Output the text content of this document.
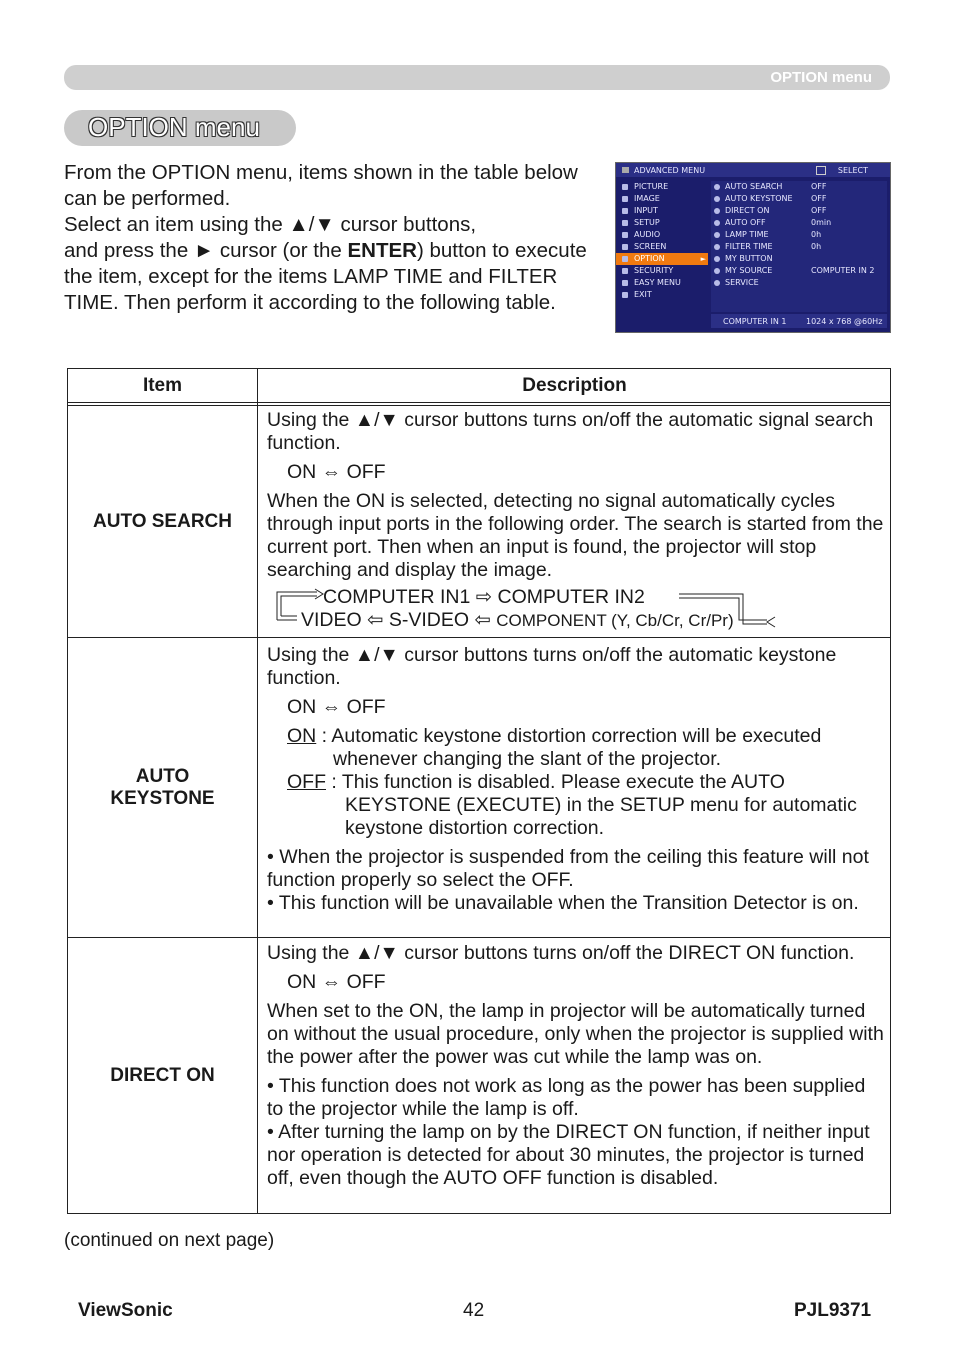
OPTION menu
OPTION menu

From the OPTION menu, items shown in the table below can be performed.

Select an item using the ▲/▼ cursor buttons,

and press the ► cursor (or the ENTER) button to execute the item, except for the items LAMP TIME and FILTER TIME. Then perform it according to the following table.

ADVANCED MENU	SELECT
PICTURE
IMAGE
INPUT
SETUP
AUDIO
SCREEN
OPTION ►
SECURITY
EASY MENU
EXIT
AUTO SEARCH	OFF
AUTO KEYSTONE OFF
DIRECT ON	OFF
AUTO OFF	0min
LAMP TIME	0h
FILTER TIME	0h
MY BUTTON
MY SOURCE	COMPUTER IN 2
SERVICE
COMPUTER IN 1 1024 x 768 @60Hz
Item	Description
AUTO SEARCH

Using the ▲/▼ cursor buttons turns on/off the automatic signal search function.

ON ⇔ OFF

When the ON is selected, detecting no signal automatically cycles through input ports in the following order. The search is started from the current port. Then when an input is found, the projector will stop searching and display the image.

COMPUTER IN1 ⇨ COMPUTER IN2
VIDEO ⇦ S-VIDEO ⇦ COMPONENT (Y, Cb/Cr, Cr/Pr)
AUTO
KEYSTONE

Using the ▲/▼ cursor buttons turns on/off the automatic keystone function.

ON ⇔ OFF

ON : Automatic keystone distortion correction will be executed whenever changing the slant of the projector.

OFF : This function is disabled. Please execute the AUTO KEYSTONE (EXECUTE) in the SETUP menu for automatic keystone distortion correction.

• When the projector is suspended from the ceiling this feature will not function properly so select the OFF.

• This function will be unavailable when the Transition Detector is on.

DIRECT ON

Using the ▲/▼ cursor buttons turns on/off the DIRECT ON function.

ON ⇔ OFF

When set to the ON, the lamp in projector will be automatically turned on without the usual procedure, only when the projector is supplied with the power after the power was cut while the lamp was on.

• This function does not work as long as the power has been supplied to the projector while the lamp is off.

• After turning the lamp on by the DIRECT ON function, if neither input nor operation is detected for about 30 minutes, the projector is turned off, even though the AUTO OFF function is disabled.

(continued on next page)
ViewSonic	42	PJL9371
